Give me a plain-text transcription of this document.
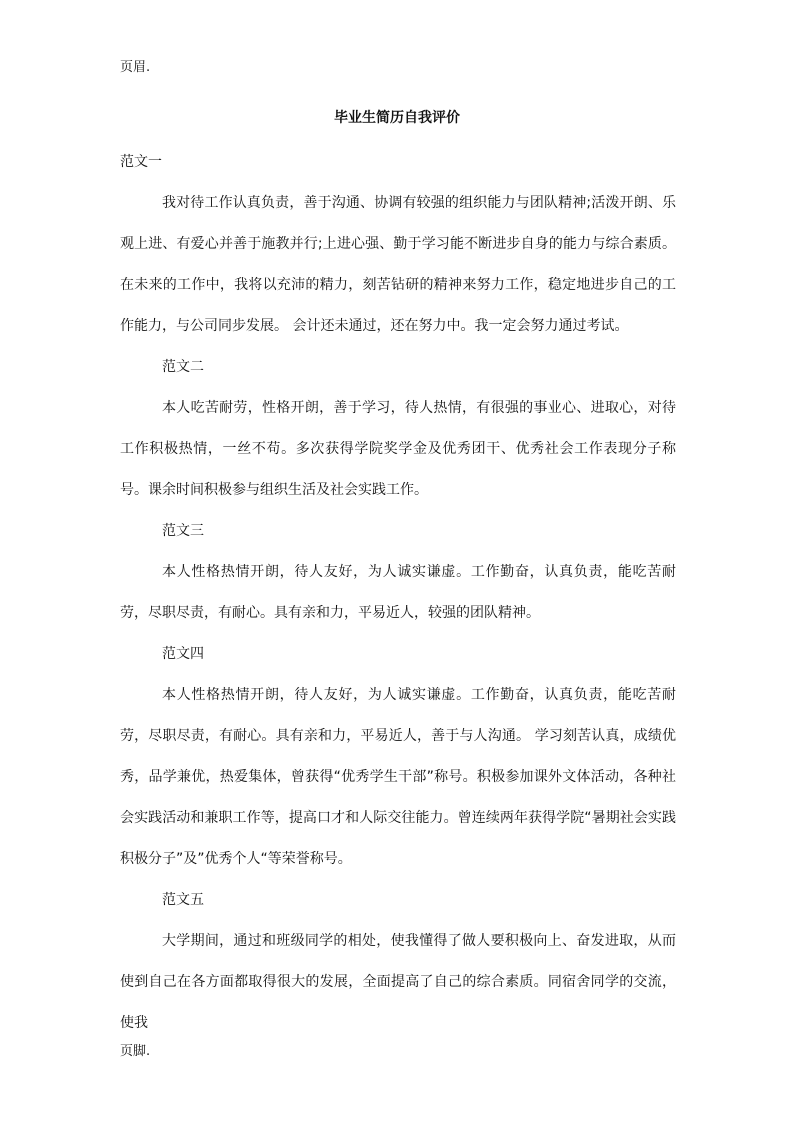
页眉.
毕业生简历自我评价

范文一

我对待工作认真负责，善于沟通、协调有较强的组织能力与团队精神;活泼开朗、乐观上进、有爱心并善于施教并行;上进心强、勤于学习能不断进步自身的能力与综合素质。在未来的工作中，我将以充沛的精力，刻苦钻研的精神来努力工作，稳定地进步自己的工作能力，与公司同步发展。 会计还未通过，还在努力中。我一定会努力通过考试。

范文二

本人吃苦耐劳，性格开朗，善于学习，待人热情，有很强的事业心、进取心，对待工作积极热情，一丝不苟。多次获得学院奖学金及优秀团干、优秀社会工作表现分子称号。课余时间积极参与组织生活及社会实践工作。

范文三

本人性格热情开朗，待人友好，为人诚实谦虚。工作勤奋，认真负责，能吃苦耐劳，尽职尽责，有耐心。具有亲和力，平易近人，较强的团队精神。

范文四

本人性格热情开朗，待人友好，为人诚实谦虚。工作勤奋，认真负责，能吃苦耐劳，尽职尽责，有耐心。具有亲和力，平易近人，善于与人沟通。 学习刻苦认真，成绩优秀，品学兼优，热爱集体，曾获得“优秀学生干部”称号。积极参加课外文体活动，各种社会实践活动和兼职工作等，提高口才和人际交往能力。曾连续两年获得学院“暑期社会实践积极分子”及”优秀个人“等荣誉称号。

范文五

大学期间，通过和班级同学的相处，使我懂得了做人要积极向上、奋发进取，从而使到自己在各方面都取得很大的发展，全面提高了自己的综合素质。同宿舍同学的交流，使我

页脚.
